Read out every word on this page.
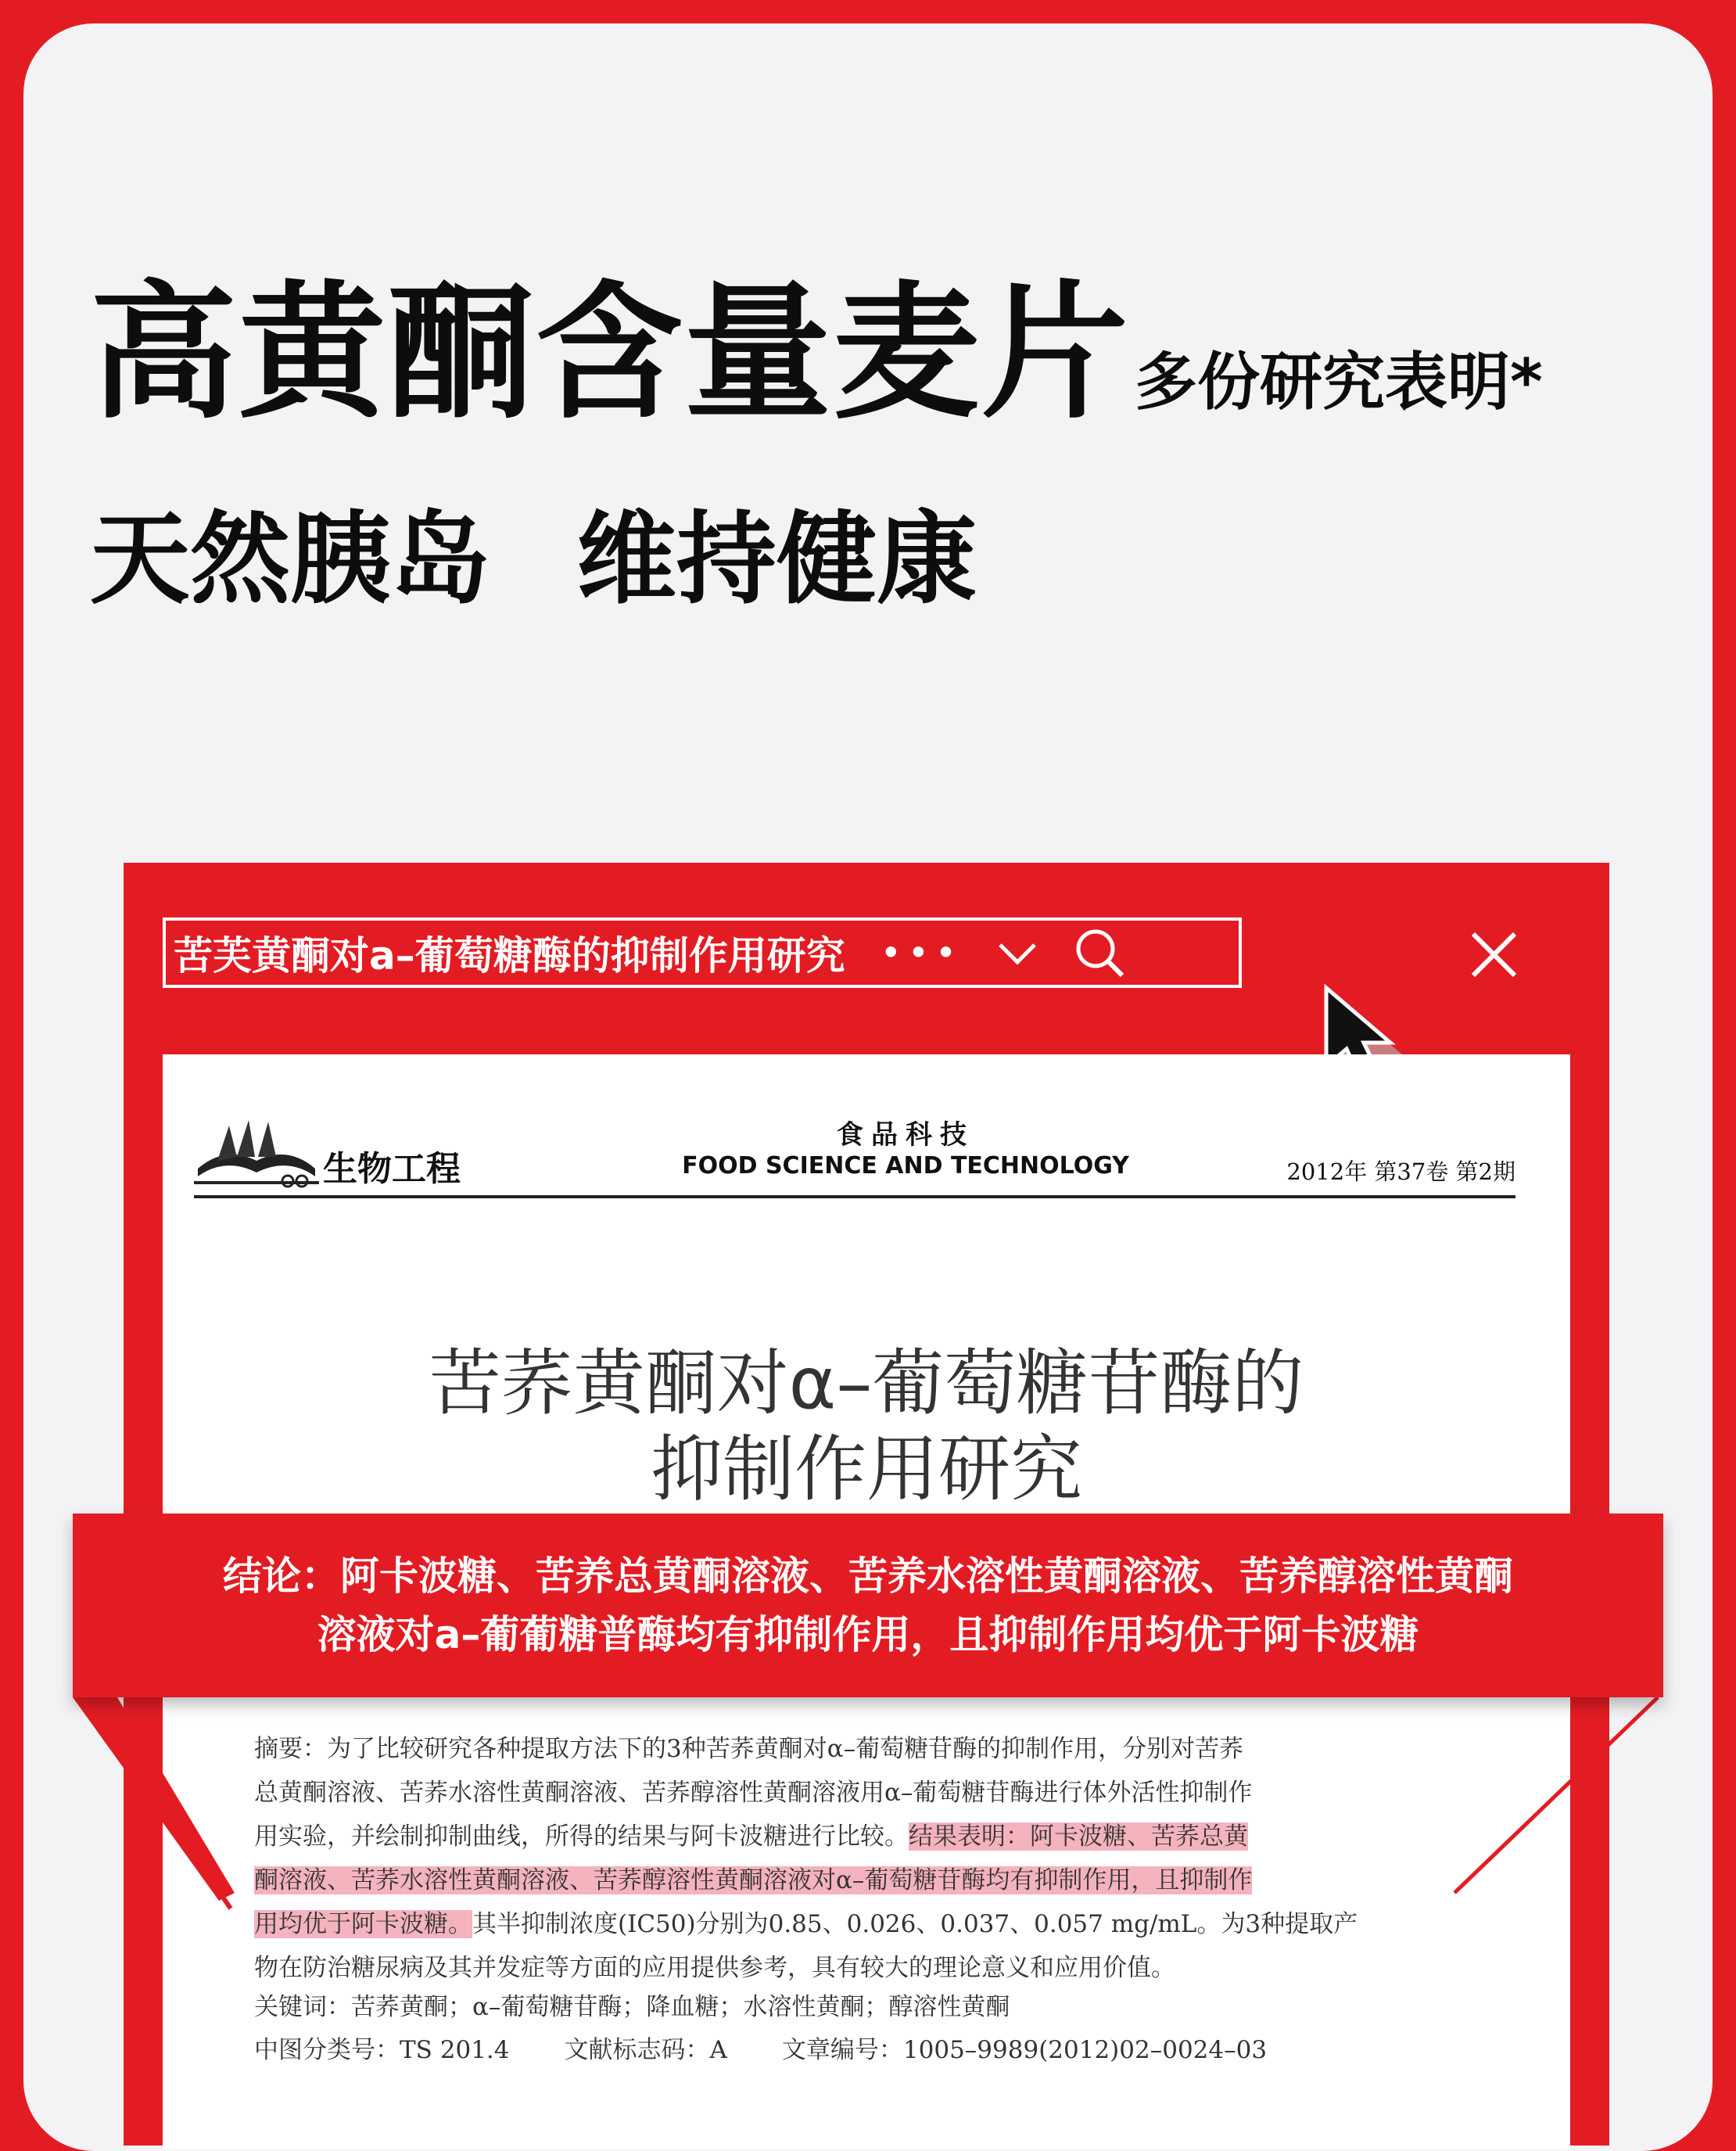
高黄酮含量麦片多份研究表明*
天然胰岛 维持健康
苦芙黄酮对a–葡萄糖酶的抑制作用研究 •••
生物工程
食品科技
FOOD SCIENCE AND TECHNOLOGY	2012年 第37卷 第2期
苦荞黄酮对α–葡萄糖苷酶的
抑制作用研究
结论：阿卡波糖、苦养总黄酮溶液、苦养水溶性黄酮溶液、苦养醇溶性黄酮
溶液对a–葡葡糖普酶均有抑制作用，且抑制作用均优于阿卡波糖
摘要：为了比较研究各种提取方法下的3种苦荞黄酮对α–葡萄糖苷酶的抑制作用，分别对苦荞
总黄酮溶液、苦荞水溶性黄酮溶液、苦荞醇溶性黄酮溶液用α–葡萄糖苷酶进行体外活性抑制作
用实验，并绘制抑制曲线，所得的结果与阿卡波糖进行比较。结果表明：阿卡波糖、苦荞总黄
酮溶液、苦荞水溶性黄酮溶液、苦荞醇溶性黄酮溶液对α–葡萄糖苷酶均有抑制作用，且抑制作
用均优于阿卡波糖。其半抑制浓度(IC50)分别为0.85、0.026、0.037、0.057 mg/mL。为3种提取产
物在防治糖尿病及其并发症等方面的应用提供参考，具有较大的理论意义和应用价值。
关键词：苦荞黄酮；α–葡萄糖苷酶；降血糖；水溶性黄酮；醇溶性黄酮
中图分类号：TS 201.4 文献标志码：A 文章编号：1005–9989(2012)02–0024–03
